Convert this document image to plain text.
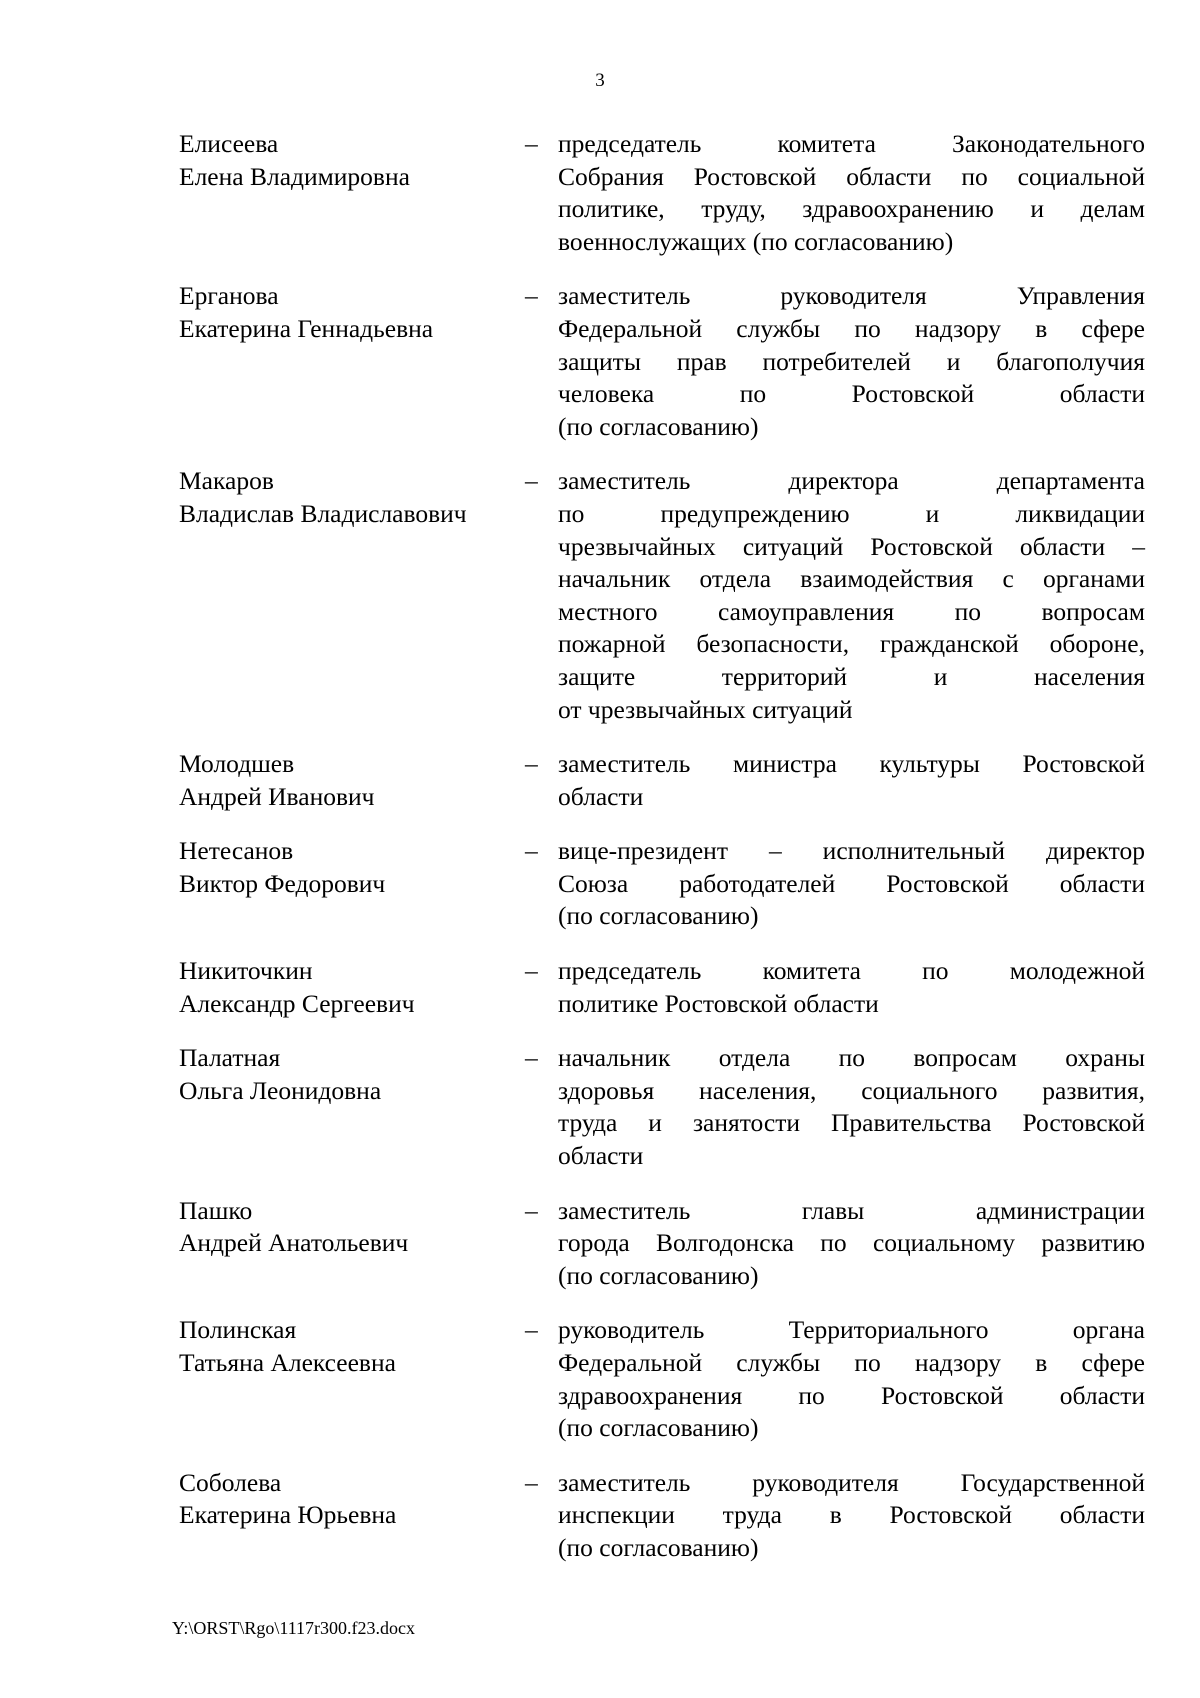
3
Елисеева
Елена Владимировна
– председатель комитета Законодательного
Собрания Ростовской области по социальной
политике, труду, здравоохранению и делам
военнослужащих (по согласованию)
Ерганова
Екатерина Геннадьевна
– заместитель руководителя Управления
Федеральной службы по надзору в сфере
защиты прав потребителей и благополучия
человека по Ростовской области
(по согласованию)
Макаров
Владислав Владиславович
– заместитель директора департамента
по предупреждению и ликвидации
чрезвычайных ситуаций Ростовской области –
начальник отдела взаимодействия с органами
местного самоуправления по вопросам
пожарной безопасности, гражданской обороне,
защите территорий и населения
от чрезвычайных ситуаций
Молодшев
Андрей Иванович
– заместитель министра культуры Ростовской
области
Нетесанов
Виктор Федорович
– вице-президент – исполнительный директор
Союза работодателей Ростовской области
(по согласованию)
Никиточкин
Александр Сергеевич
– председатель комитета по молодежной
политике Ростовской области
Палатная
Ольга Леонидовна
– начальник отдела по вопросам охраны
здоровья населения, социального развития,
труда и занятости Правительства Ростовской
области
Пашко
Андрей Анатольевич
– заместитель главы администрации
города Волгодонска по социальному развитию
(по согласованию)
Полинская
Татьяна Алексеевна
– руководитель Территориального органа
Федеральной службы по надзору в сфере
здравоохранения по Ростовской области
(по согласованию)
Соболева
Екатерина Юрьевна
– заместитель руководителя Государственной
инспекции труда в Ростовской области
(по согласованию)
Y:\ORST\Rgo\1117r300.f23.docx
